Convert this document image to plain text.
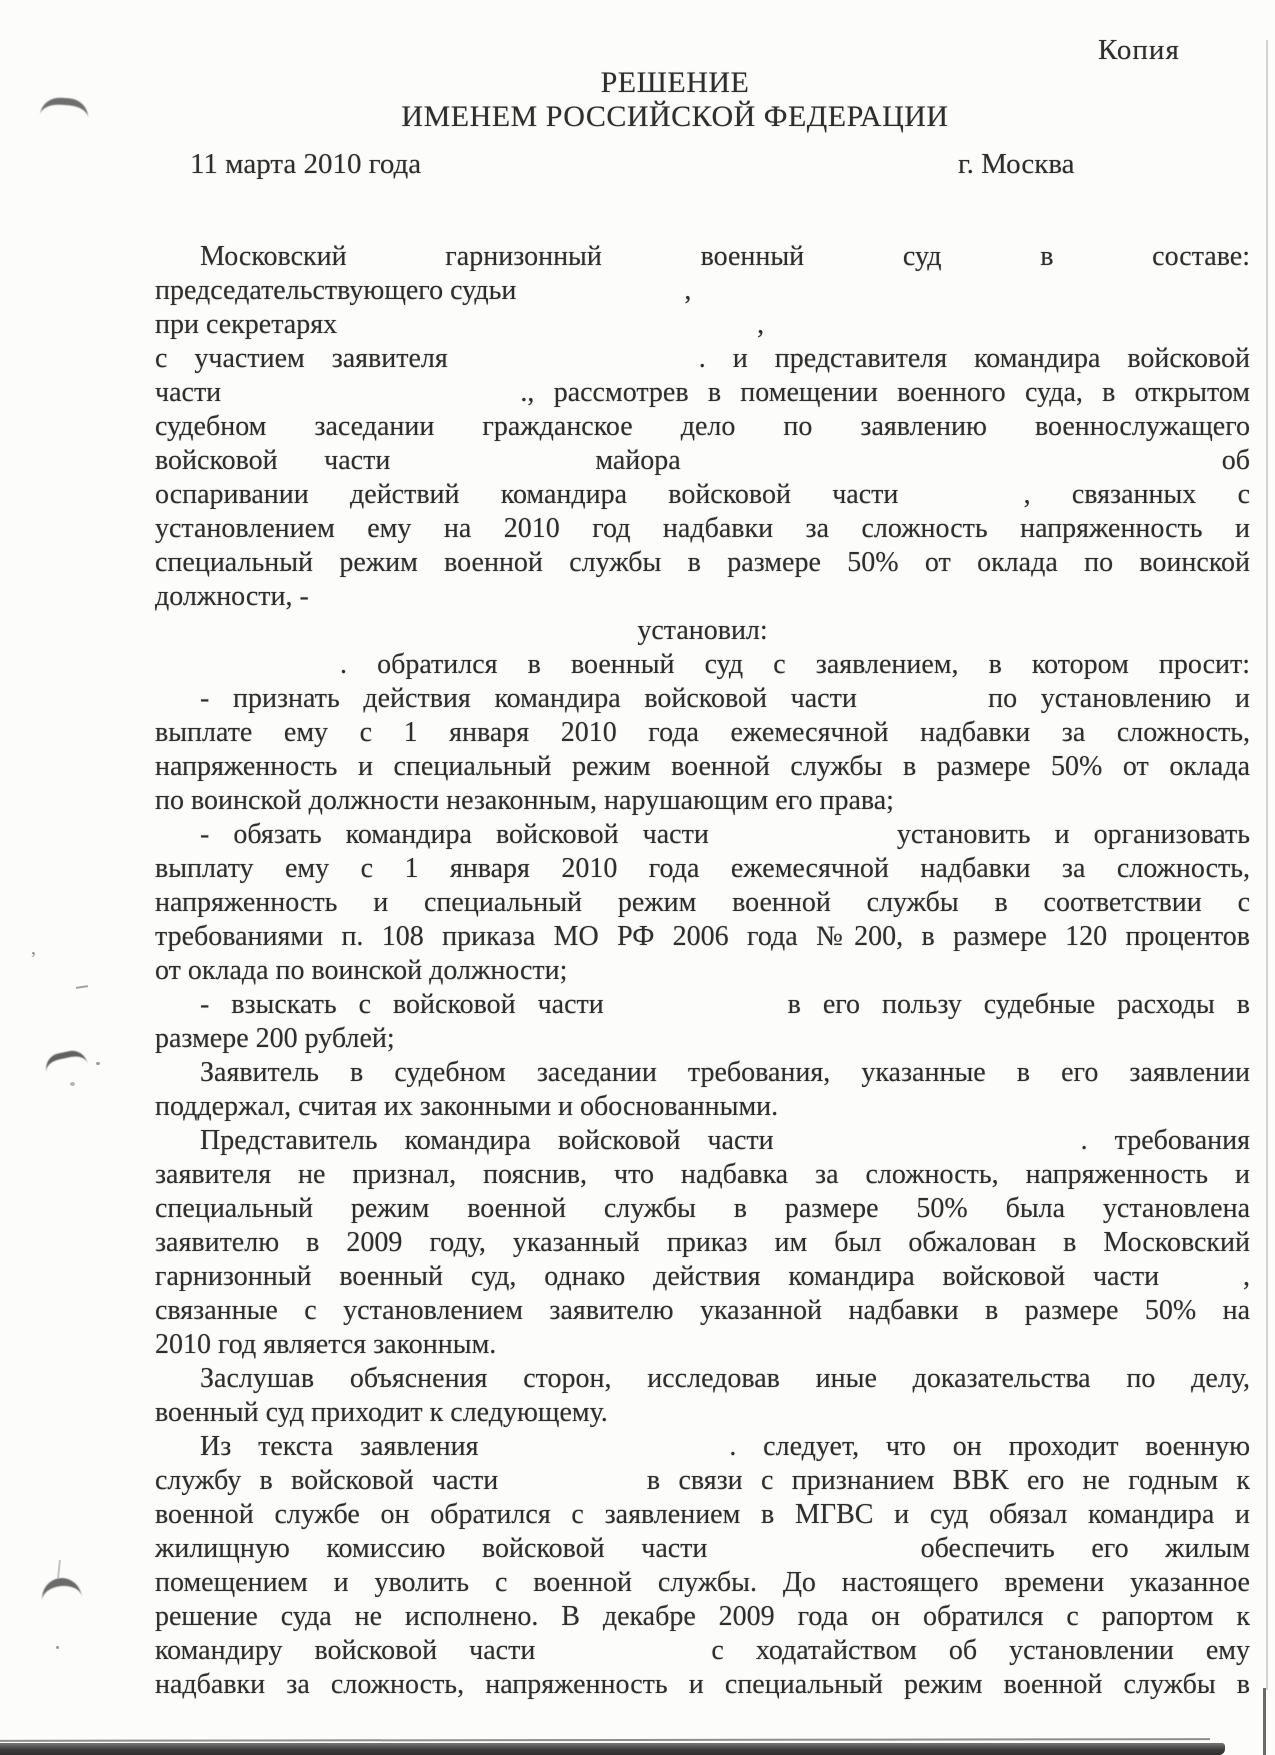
Копия
РЕШЕНИЕ
ИМЕНЕМ РОССИЙСКОЙ ФЕДЕРАЦИИ
11 марта 2010 года	г. Москва
Московский гарнизонный военный суд в составе:
председательствующего судьи      ,
при секретарях               ,
с участием заявителя         . и представителя командира войсковой
части           ., рассмотрев в помещении военного суда, в открытом
судебном заседании гражданское дело по заявлению военнослужащего
войсковой части      майора                  об
оспаривании действий командира войсковой части    , связанных с
установлением ему на 2010 год надбавки за сложность напряженность и
специальный режим военной службы в размере 50% от оклада по воинской
должности, -
установил:
     . обратился в военный суд с заявлением, в котором просит:
- признать действия командира войсковой части     по установлению и
выплате ему с 1 января 2010 года ежемесячной надбавки за сложность,
напряженность и специальный режим военной службы в размере 50% от оклада
по воинской должности незаконным, нарушающим его права;
- обязать командира войсковой части       установить и организовать
выплату ему с 1 января 2010 года ежемесячной надбавки за сложность,
напряженность и специальный режим военной службы в соответствии с
требованиями п. 108 приказа МО РФ 2006 года №200, в размере 120 процентов
от оклада по воинской должности;
- взыскать с войсковой части       в его пользу судебные расходы в
размере 200 рублей;
Заявитель в судебном заседании требования, указанные в его заявлении
поддержал, считая их законными и обоснованными.
Представитель командира войсковой части           . требования
заявителя не признал, пояснив, что надбавка за сложность, напряженность и
специальный режим военной службы в размере 50% была установлена
заявителю в 2009 году, указанный приказ им был обжалован в Московский
гарнизонный военный суд, однако действия командира войсковой части   ,
связанные с установлением заявителю указанной надбавки в размере 50% на
2010 год является законным.
Заслушав объяснения сторон, исследовав иные доказательства по делу,
военный суд приходит к следующему.
Из текста заявления         . следует, что он проходит военную
службу в войсковой части      в связи с признанием ВВК его не годным к
военной службе он обратился с заявлением в МГВС и суд обязал командира и
жилищную комиссию войсковой части       обеспечить его жилым
помещением и уволить с военной службы. До настоящего времени указанное
решение суда не исполнено. В декабре 2009 года он обратился с рапортом к
командиру войсковой части      с ходатайством об установлении ему
надбавки за сложность, напряженность и специальный режим военной службы в
’
